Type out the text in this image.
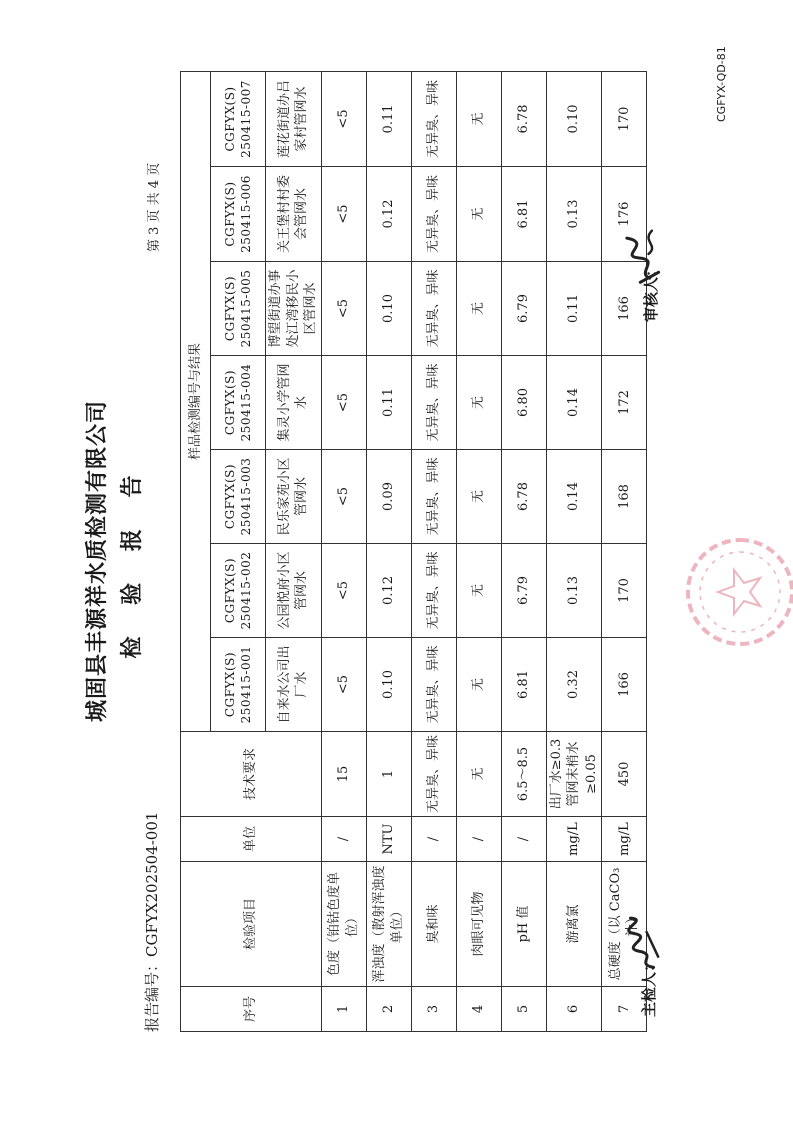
城固县丰源祥水质检测有限公司 检 验 报 告
报告编号：CGFYX202504-001
第 3 页 共 4 页
序号	检验项目	单位	技术要求	样品检测编号与结果						
				CGFYX(S) 250415-001	CGFYX(S) 250415-002	CGFYX(S) 250415-003	CGFYX(S) 250415-004	CGFYX(S) 250415-005	CGFYX(S) 250415-006	CGFYX(S) 250415-007
				自来水公司出厂水	公园悦府小区管网水	民乐家苑小区管网水	集灵小学管网水	博望街道办事处江湾移民小区管网水	关王堡村村委会管网水	莲花街道办吕家村管网水
1	色度（铂钴色度单位）	/	15	<5	<5	<5	<5	<5	<5	<5
2	浑浊度（散射浑浊度单位）	NTU	1	0.10	0.12	0.09	0.11	0.10	0.12	0.11
3	臭和味	/	无异臭、异味	无异臭、异味	无异臭、异味	无异臭、异味	无异臭、异味	无异臭、异味	无异臭、异味	无异臭、异味
4	肉眼可见物	/	无	无	无	无	无	无	无	无
5	pH 值	/	6.5～8.5	6.81	6.79	6.78	6.80	6.79	6.81	6.78
6	游离氯	mg/L	出厂水≥0.3 管网末梢水≥0.05	0.32	0.13	0.14	0.14	0.11	0.13	0.10
7	总硬度（以 CaCO₃计）	mg/L	450	166	170	168	172	166	176	170
主检人：
审核人：
CGFYX-QD-81
